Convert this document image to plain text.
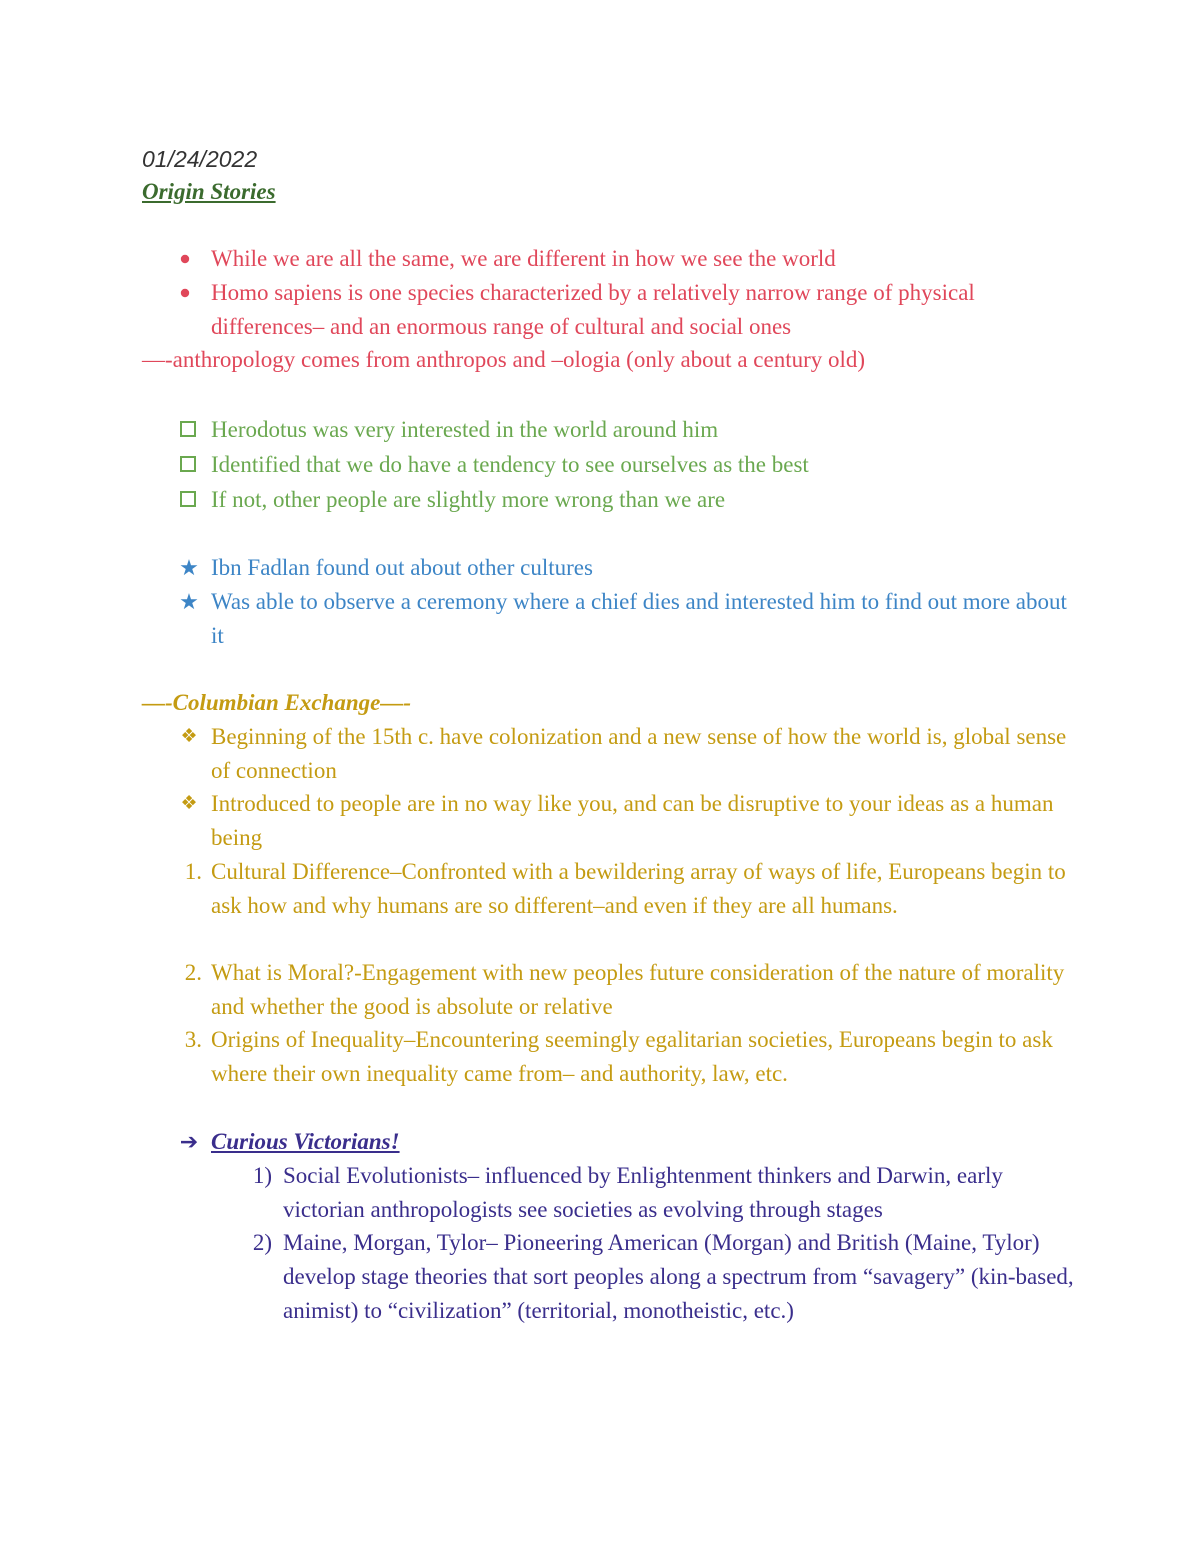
01/24/2022
Origin Stories
While we are all the same, we are different in how we see the world
Homo sapiens is one species characterized by a relatively narrow range of physical differences– and an enormous range of cultural and social ones
—-anthropology comes from anthropos and –ologia (only about a century old)
Herodotus was very interested in the world around him
Identified that we do have a tendency to see ourselves as the best
If not, other people are slightly more wrong than we are
★ Ibn Fadlan found out about other cultures
★ Was able to observe a ceremony where a chief dies and interested him to find out more about it
—-Columbian Exchange—-
❖ Beginning of the 15th c. have colonization and a new sense of how the world is, global sense of connection
❖ Introduced to people are in no way like you, and can be disruptive to your ideas as a human being
1. Cultural Difference–Confronted with a bewildering array of ways of life, Europeans begin to ask how and why humans are so different–and even if they are all humans.
2. What is Moral?-Engagement with new peoples future consideration of the nature of morality and whether the good is absolute or relative
3. Origins of Inequality–Encountering seemingly egalitarian societies, Europeans begin to ask where their own inequality came from– and authority, law, etc.
➔ Curious Victorians!
1) Social Evolutionists– influenced by Enlightenment thinkers and Darwin, early victorian anthropologists see societies as evolving through stages
2) Maine, Morgan, Tylor– Pioneering American (Morgan) and British (Maine, Tylor) develop stage theories that sort peoples along a spectrum from “savagery” (kin-based, animist) to “civilization” (territorial, monotheistic, etc.)
